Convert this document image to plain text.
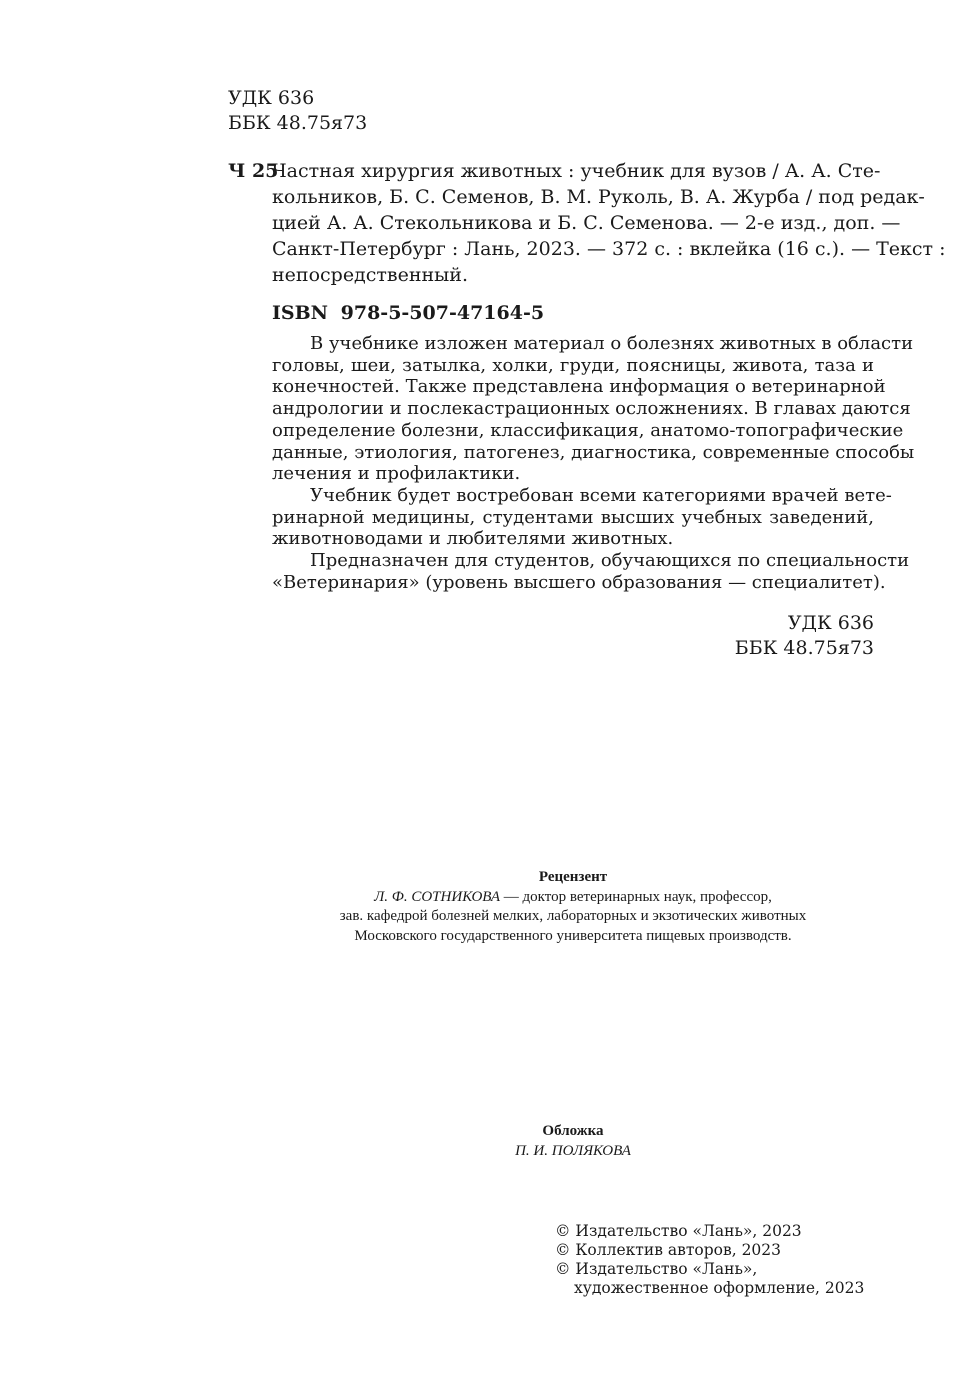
УДК 636
ББК 48.75я73
Ч 25
Частная хирургия животных : учебник для вузов / А. А. Сте-
кольников, Б. С. Семенов, В. М. Руколь, В. А. Журба / под редак-
цией А. А. Стекольникова и Б. С. Семенова. — 2-е изд., доп. —
Санкт-Петербург : Лань, 2023. — 372 с. : вклейка (16 с.). — Текст :
непосредственный.
ISBN 978-5-507-47164-5
В учебнике изложен материал о болезнях животных в области
головы, шеи, затылка, холки, груди, поясницы, живота, таза и
конечностей. Также представлена информация о ветеринарной
андрологии и послекастрационных осложнениях. В главах даются
определение болезни, классификация, анатомо-топографические
данные, этиология, патогенез, диагностика, современные способы
лечения и профилактики.
Учебник будет востребован всеми категориями врачей вете-
ринарной медицины, студентами высших учебных заведений,
животноводами и любителями животных.
Предназначен для студентов, обучающихся по специальности
«Ветеринария» (уровень высшего образования — специалитет).
УДК 636
ББК 48.75я73
Рецензент
Л. Ф. СОТНИКОВА — доктор ветеринарных наук, профессор,
зав. кафедрой болезней мелких, лабораторных и экзотических животных
Московского государственного университета пищевых производств.
Обложка
П. И. ПОЛЯКОВА
© Издательство «Лань», 2023
© Коллектив авторов, 2023
© Издательство «Лань»,
художественное оформление, 2023
